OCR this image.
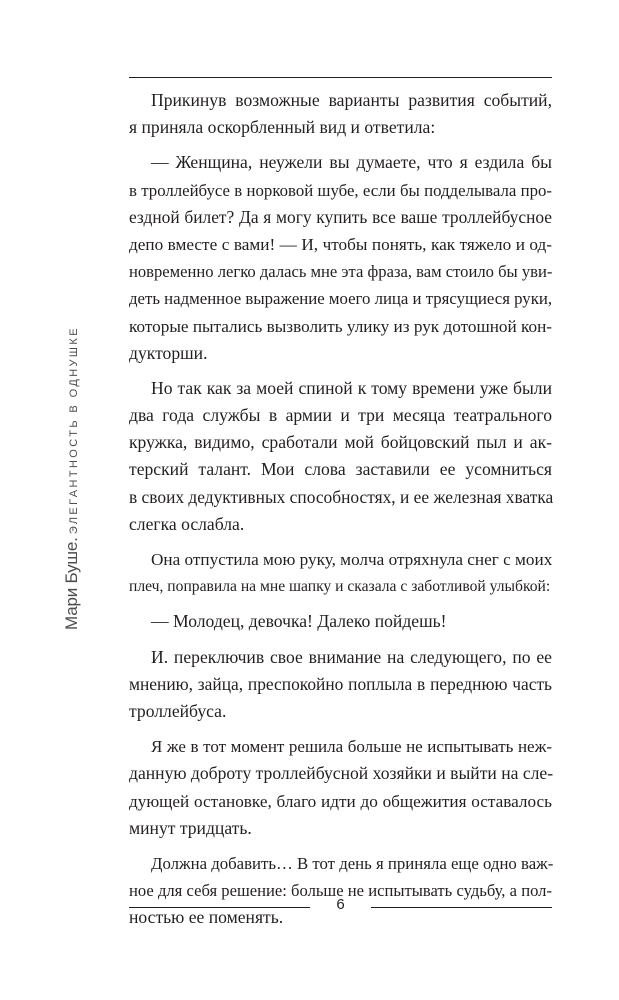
Мари Буше.ЭЛЕГАНТНОСТЬ В ОДНУШКЕ
Прикинув возможные варианты развития событий,
я приняла оскорбленный вид и ответила:
— Женщина, неужели вы думаете, что я ездила бы
в троллейбусе в норковой шубе, если бы подделывала про-
ездной билет? Да я могу купить все ваше троллейбусное
депо вместе с вами! — И, чтобы понять, как тяжело и од-
новременно легко далась мне эта фраза, вам стоило бы уви-
деть надменное выражение моего лица и трясущиеся руки,
которые пытались вызволить улику из рук дотошной кон-
дукторши.
Но так как за моей спиной к тому времени уже были
два года службы в армии и три месяца театрального
кружка, видимо, сработали мой бойцовский пыл и ак-
терский талант. Мои слова заставили ее усомниться
в своих дедуктивных способностях, и ее железная хватка
слегка ослабла.
Она отпустила мою руку, молча отряхнула снег с моих
плеч, поправила на мне шапку и сказала с заботливой улыбкой:
— Молодец, девочка! Далеко пойдешь!
И. переключив свое внимание на следующего, по ее
мнению, зайца, преспокойно поплыла в переднюю часть
троллейбуса.
Я же в тот момент решила больше не испытывать неж-
данную доброту троллейбусной хозяйки и выйти на сле-
дующей остановке, благо идти до общежития оставалось
минут тридцать.
Должна добавить… В тот день я приняла еще одно важ-
ное для себя решение: больше не испытывать судьбу, а пол-
ностью ее поменять.
6
